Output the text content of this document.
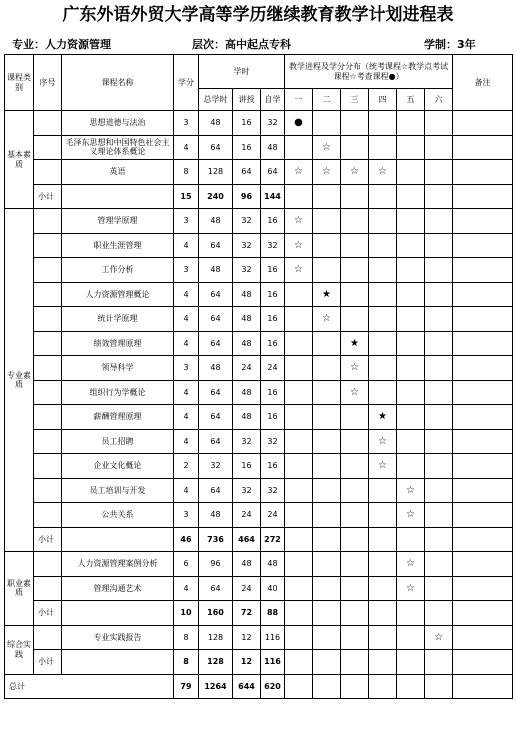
广东外语外贸大学高等学历继续教育教学计划进程表
专业：人力资源管理	层次：高中起点专科	学制：3年
课程类别	序号	课程名称	学分	学时			教学进程及学分分布（统考课程☆教学点考试课程☆考查课程●）						备注
				总学时	讲授	自学	一	二	三	四	五	六	
基本素质		思想道德与法治	3	48	16	32	●						
		毛泽东思想和中国特色社会主义理论体系概论	4	64	16	48		☆					
		英语	8	128	64	64	☆	☆	☆	☆			
	小计		15	240	96	144							
专业素质		管理学原理	3	48	32	16	☆						
		职业生涯管理	4	64	32	32	☆						
		工作分析	3	48	32	16	☆						
		人力资源管理概论	4	64	48	16		★					
		统计学原理	4	64	48	16		☆					
		绩效管理原理	4	64	48	16			★				
		领导科学	3	48	24	24			☆				
		组织行为学概论	4	64	48	16			☆				
		薪酬管理原理	4	64	48	16				★			
		员工招聘	4	64	32	32				☆			
		企业文化概论	2	32	16	16				☆			
		员工培训与开发	4	64	32	32					☆		
		公共关系	3	48	24	24					☆		
	小计		46	736	464	272							
职业素质		人力资源管理案例分析	6	96	48	48					☆		
		管理沟通艺术	4	64	24	40					☆		
	小计		10	160	72	88							
综合实践		专业实践报告	8	128	12	116						☆	
	小计		8	128	12	116							
总计			79	1264	644	620							
